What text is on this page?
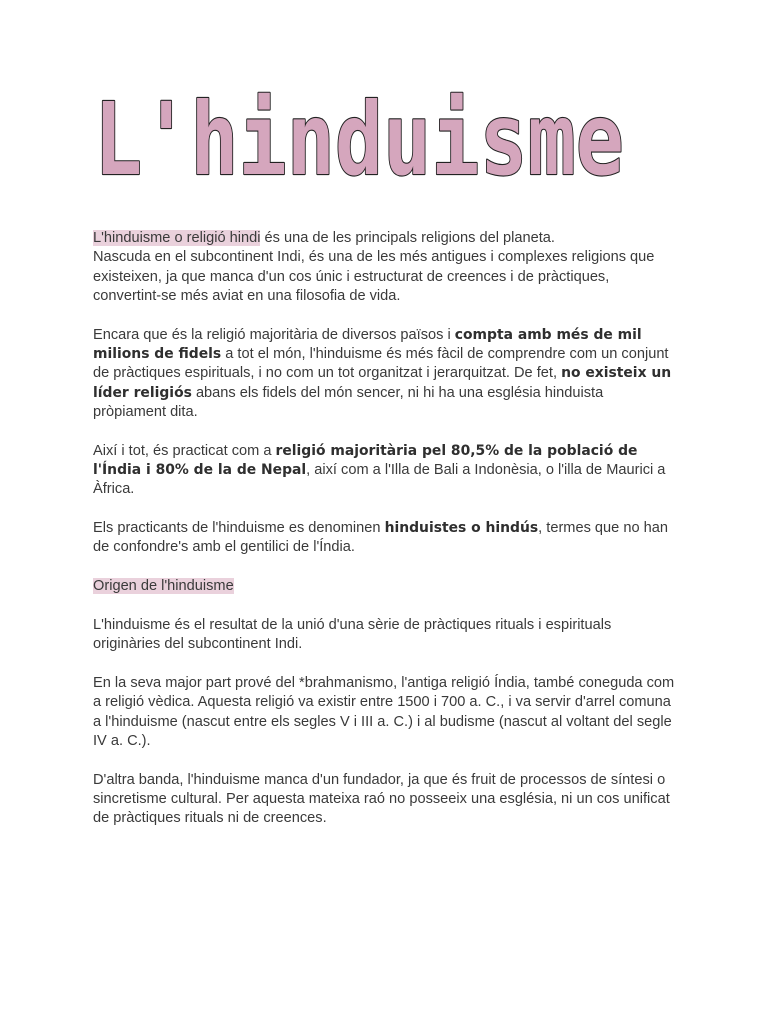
L'hinduisme

L'hinduisme o religió hindi és una de les principals religions del planeta.
Nascuda en el subcontinent Indi, és una de les més antigues i complexes religions que existeixen, ja que manca d'un cos únic i estructurat de creences i de pràctiques, convertint-se més aviat en una filosofia de vida.

Encara que és la religió majoritària de diversos països i compta amb més de mil milions de fidels a tot el món, l'hinduisme és més fàcil de comprendre com un conjunt de pràctiques espirituals, i no com un tot organitzat i jerarquitzat. De fet, no existeix un líder religiós abans els fidels del món sencer, ni hi ha una església hinduista pròpiament dita.

Així i tot, és practicat com a religió majoritària pel 80,5% de la població de l'Índia i 80% de la de Nepal, així com a l'Illa de Bali a Indonèsia, o l'illa de Maurici a Àfrica.

Els practicants de l'hinduisme es denominen hinduistes o hindús, termes que no han de confondre's amb el gentilici de l'Índia.

Origen de l'hinduisme

L'hinduisme és el resultat de la unió d'una sèrie de pràctiques rituals i espirituals originàries del subcontinent Indi.

En la seva major part prové del *brahmanismo, l'antiga religió Índia, també coneguda com a religió vèdica. Aquesta religió va existir entre 1500 i 700 a. C., i va servir d'arrel comuna a l'hinduisme (nascut entre els segles V i III a. C.) i al budisme (nascut al voltant del segle IV a. C.).

D'altra banda, l'hinduisme manca d'un fundador, ja que és fruit de processos de síntesi o sincretisme cultural. Per aquesta mateixa raó no posseeix una església, ni un cos unificat de pràctiques rituals ni de creences.
